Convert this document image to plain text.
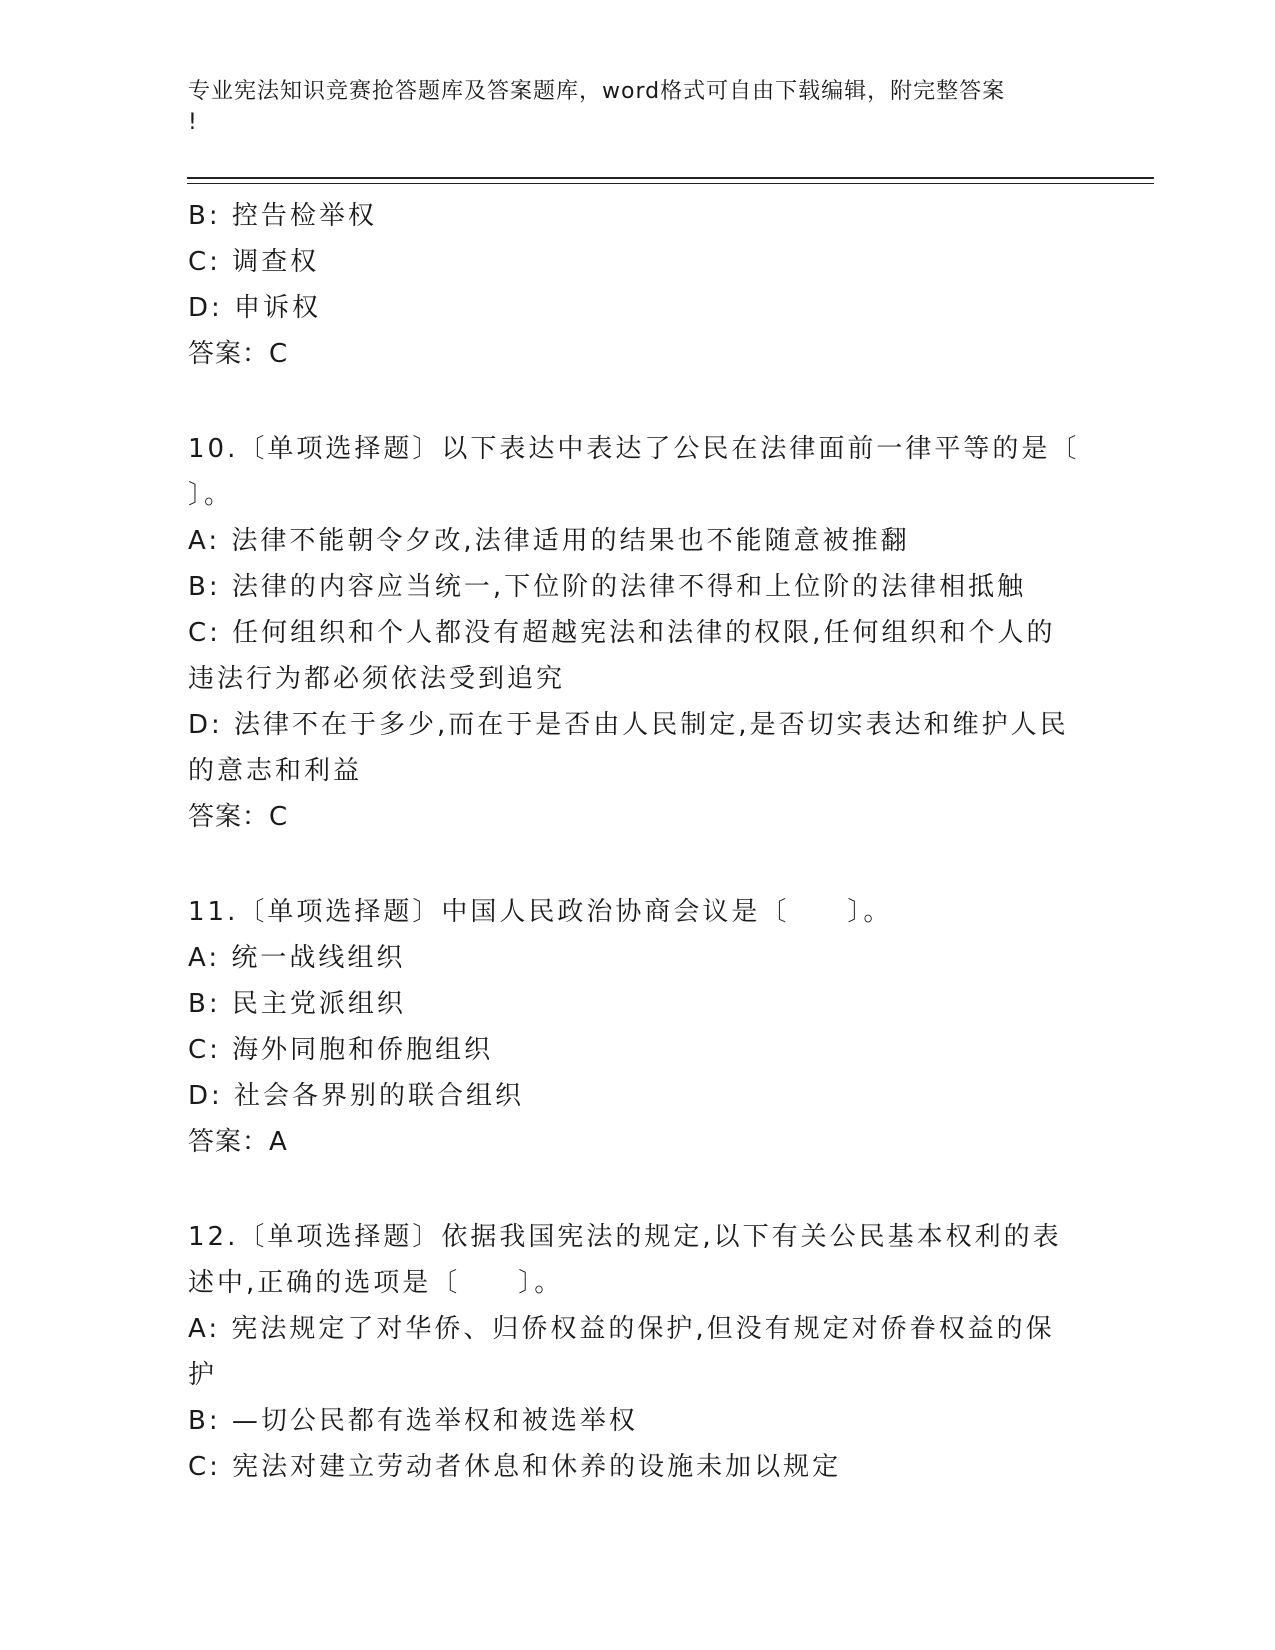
专业宪法知识竞赛抢答题库及答案题库，word格式可自由下载编辑，附完整答案
!
B: 控告检举权
C: 调查权
D: 申诉权
答案：C
10.〔单项选择题〕以下表达中表达了公民在法律面前一律平等的是〔
〕。
A: 法律不能朝令夕改,法律适用的结果也不能随意被推翻
B: 法律的内容应当统一,下位阶的法律不得和上位阶的法律相抵触
C: 任何组织和个人都没有超越宪法和法律的权限,任何组织和个人的
违法行为都必须依法受到追究
D: 法律不在于多少,而在于是否由人民制定,是否切实表达和维护人民
的意志和利益
答案：C
11.〔单项选择题〕中国人民政治协商会议是〔　　〕。
A: 统一战线组织
B: 民主党派组织
C: 海外同胞和侨胞组织
D: 社会各界别的联合组织
答案：A
12.〔单项选择题〕依据我国宪法的规定,以下有关公民基本权利的表
述中,正确的选项是〔　　〕。
A: 宪法规定了对华侨、归侨权益的保护,但没有规定对侨眷权益的保
护
B: —切公民都有选举权和被选举权
C: 宪法对建立劳动者休息和休养的设施未加以规定
